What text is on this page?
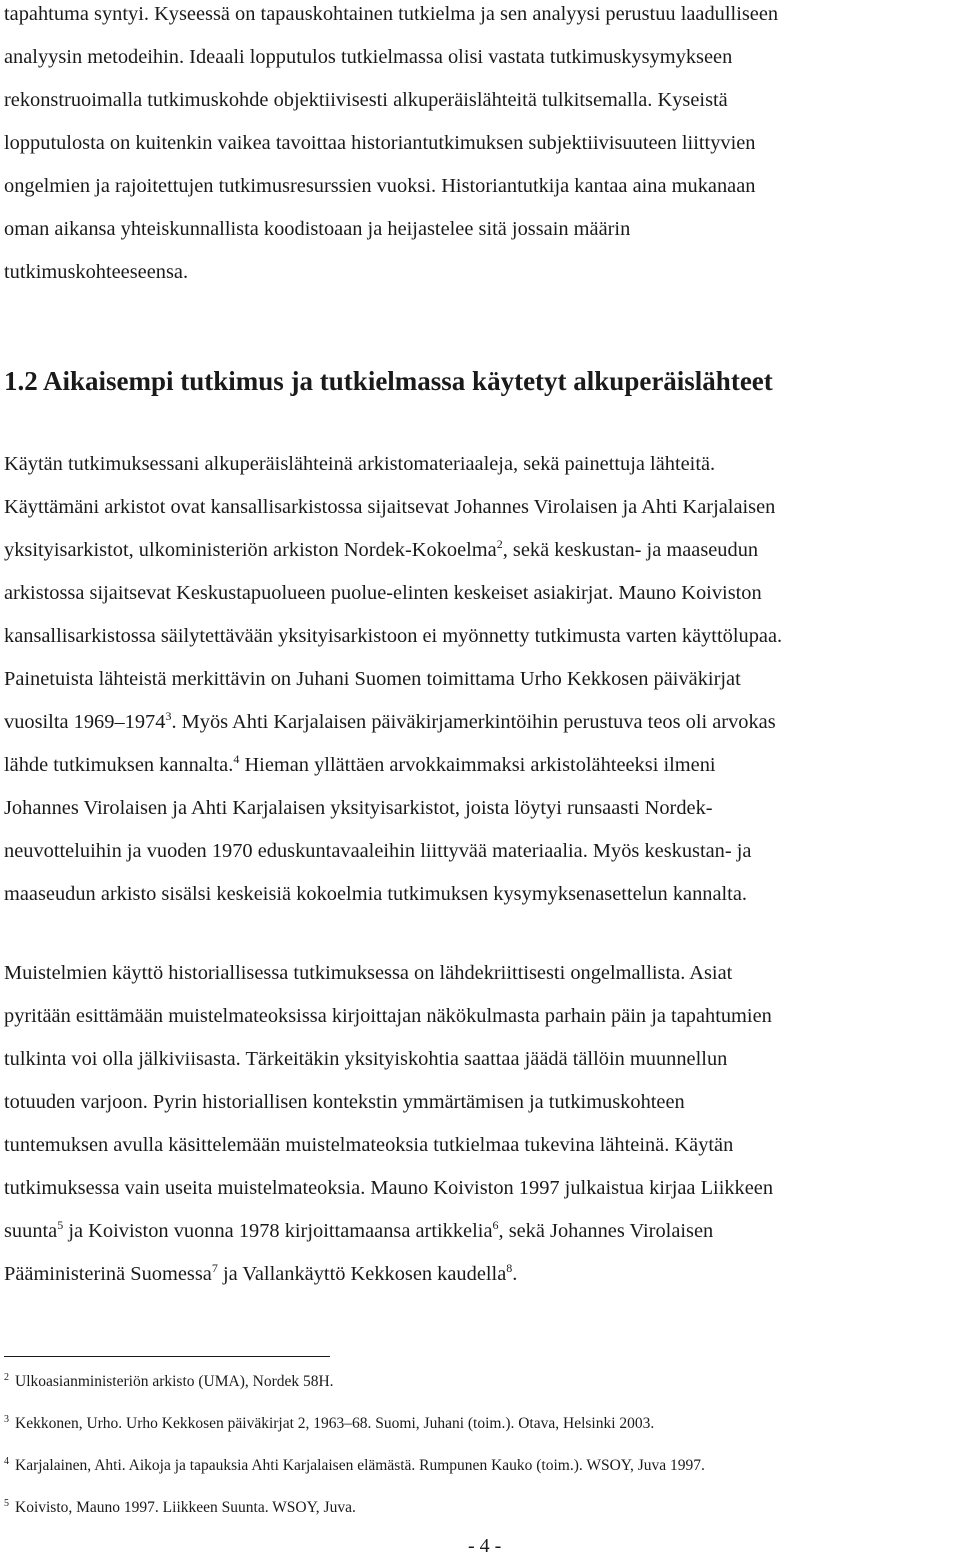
tapahtuma syntyi. Kyseessä on tapauskohtainen tutkielma ja sen analyysi perustuu laadulliseen
analyysin metodeihin. Ideaali lopputulos tutkielmassa olisi vastata tutkimuskysymykseen
rekonstruoimalla tutkimuskohde objektiivisesti alkuperäislähteitä tulkitsemalla. Kyseistä
lopputulosta on kuitenkin vaikea tavoittaa historiantutkimuksen subjektiivisuuteen liittyvien
ongelmien ja rajoitettujen tutkimusresurssien vuoksi. Historiantutkija kantaa aina mukanaan
oman aikansa yhteiskunnallista koodistoaan ja heijastelee sitä jossain määrin
tutkimuskohteeseensa.
1.2 Aikaisempi tutkimus ja tutkielmassa käytetyt alkuperäislähteet
Käytän tutkimuksessani alkuperäislähteinä arkistomateriaaleja, sekä painettuja lähteitä.
Käyttämäni arkistot ovat kansallisarkistossa sijaitsevat Johannes Virolaisen ja Ahti Karjalaisen
yksityisarkistot, ulkoministeriön arkiston Nordek-Kokoelma$^2$, sekä keskustan- ja maaseudun
arkistossa sijaitsevat Keskustapuolueen puolue-elinten keskeiset asiakirjat. Mauno Koiviston
kansallisarkistossa säilytettävään yksityisarkistoon ei myönnetty tutkimusta varten käyttölupaa.
Painetuista lähteistä merkittävin on Juhani Suomen toimittama Urho Kekkosen päiväkirjat
vuosilta 1969–1974$^3$. Myös Ahti Karjalaisen päiväkirjamerkintöihin perustuva teos oli arvokas
lähde tutkimuksen kannalta.$^4$ Hieman yllättäen arvokkaimmaksi arkistolähteeksi ilmeni
Johannes Virolaisen ja Ahti Karjalaisen yksityisarkistot, joista löytyi runsaasti Nordek-
neuvotteluihin ja vuoden 1970 eduskuntavaaleihin liittyvää materiaalia. Myös keskustan- ja
maaseudun arkisto sisälsi keskeisiä kokoelmia tutkimuksen kysymyksenasettelun kannalta.
Muistelmien käyttö historiallisessa tutkimuksessa on lähdekriittisesti ongelmallista. Asiat
pyritään esittämään muistelmateoksissa kirjoittajan näkökulmasta parhain päin ja tapahtumien
tulkinta voi olla jälkiviisasta. Tärkeitäkin yksityiskohtia saattaa jäädä tällöin muunnellun
totuuden varjoon. Pyrin historiallisen kontekstin ymmärtämisen ja tutkimuskohteen
tuntemuksen avulla käsittelemään muistelmateoksia tutkielmaa tukevina lähteinä. Käytän
tutkimuksessa vain useita muistelmateoksia. Mauno Koiviston 1997 julkaistua kirjaa Liikkeen
suunta$^5$ ja Koiviston vuonna 1978 kirjoittamaansa artikkelia$^6$, sekä Johannes Virolaisen
Pääministerinä Suomessa$^7$ ja Vallankäyttö Kekkosen kaudella$^8$.
$^2$ Ulkoasianministeriön arkisto (UMA), Nordek 58H.
$^3$ Kekkonen, Urho. Urho Kekkosen päiväkirjat 2, 1963–68. Suomi, Juhani (toim.). Otava, Helsinki 2003.
$^4$ Karjalainen, Ahti. Aikoja ja tapauksia Ahti Karjalaisen elämästä. Rumpunen Kauko (toim.). WSOY, Juva 1997.
$^5$ Koivisto, Mauno 1997. Liikkeen Suunta. WSOY, Juva.
- 4 -
